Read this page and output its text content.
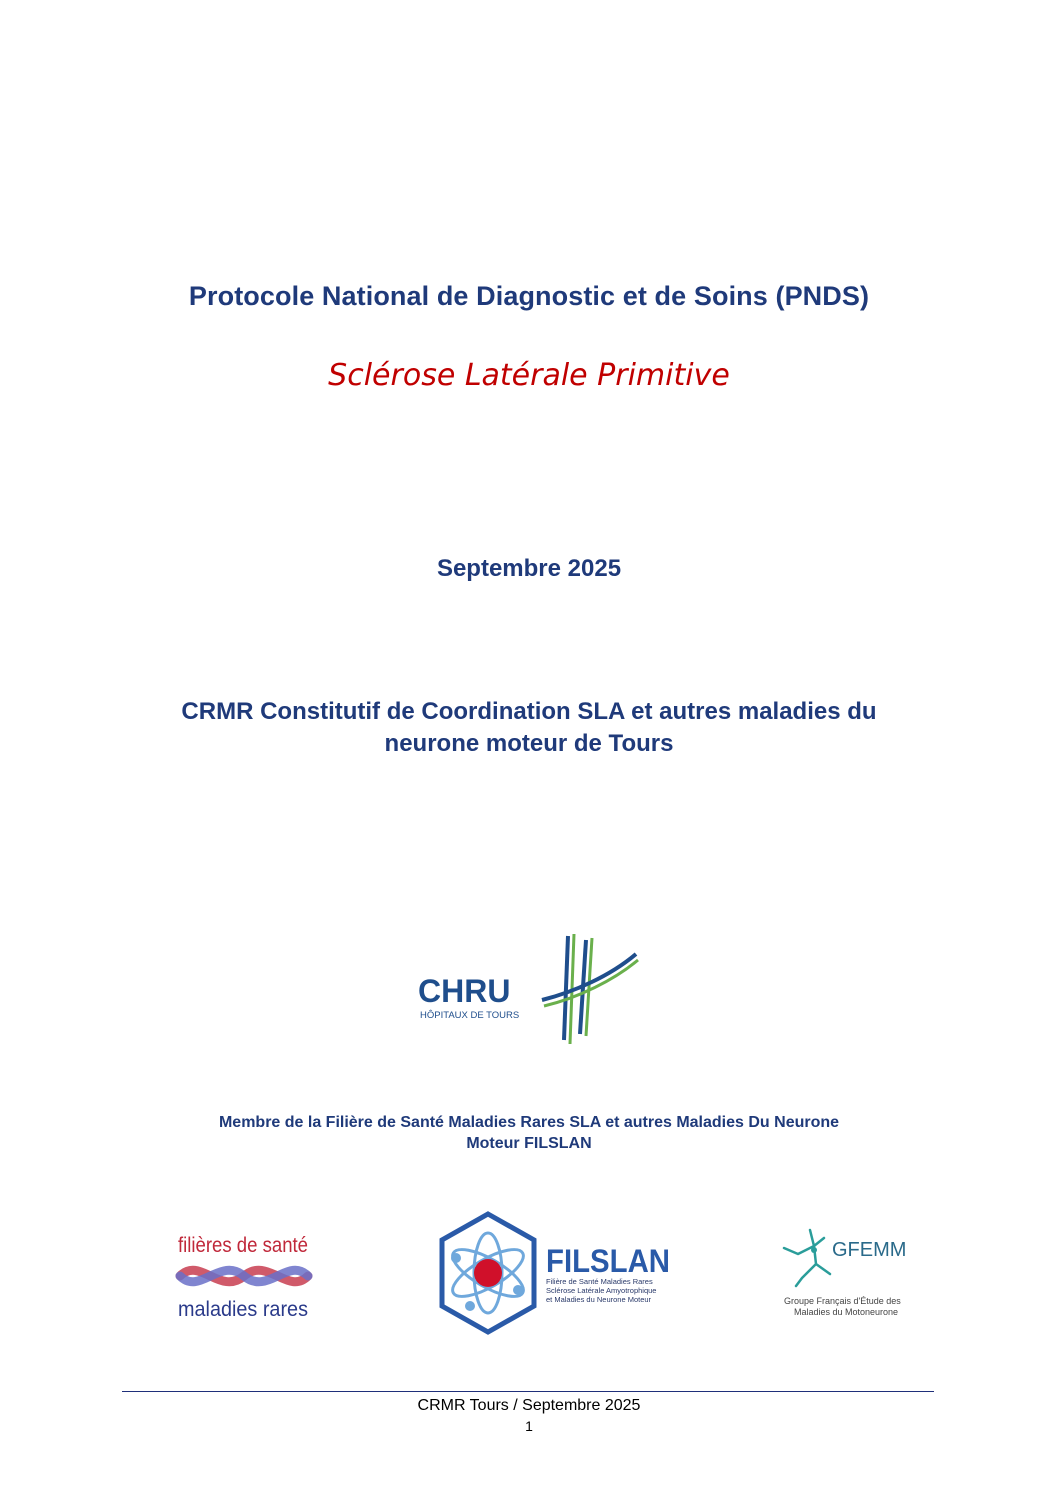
Protocole National de Diagnostic et de Soins (PNDS)
Sclérose Latérale Primitive
Septembre 2025
CRMR Constitutif de Coordination SLA et autres maladies du
neurone moteur de Tours
CHRU
HÔPITAUX DE TOURS
Membre de la Filière de Santé Maladies Rares SLA et autres Maladies Du Neurone
Moteur FILSLAN
filières de santé
maladies rares
FILSLAN
Filière de Santé Maladies Rares
Sclérose Latérale Amyotrophique
et Maladies du Neurone Moteur
GFEMM
Groupe Français d'Étude des
Maladies du Motoneurone
CRMR Tours / Septembre 2025
1
